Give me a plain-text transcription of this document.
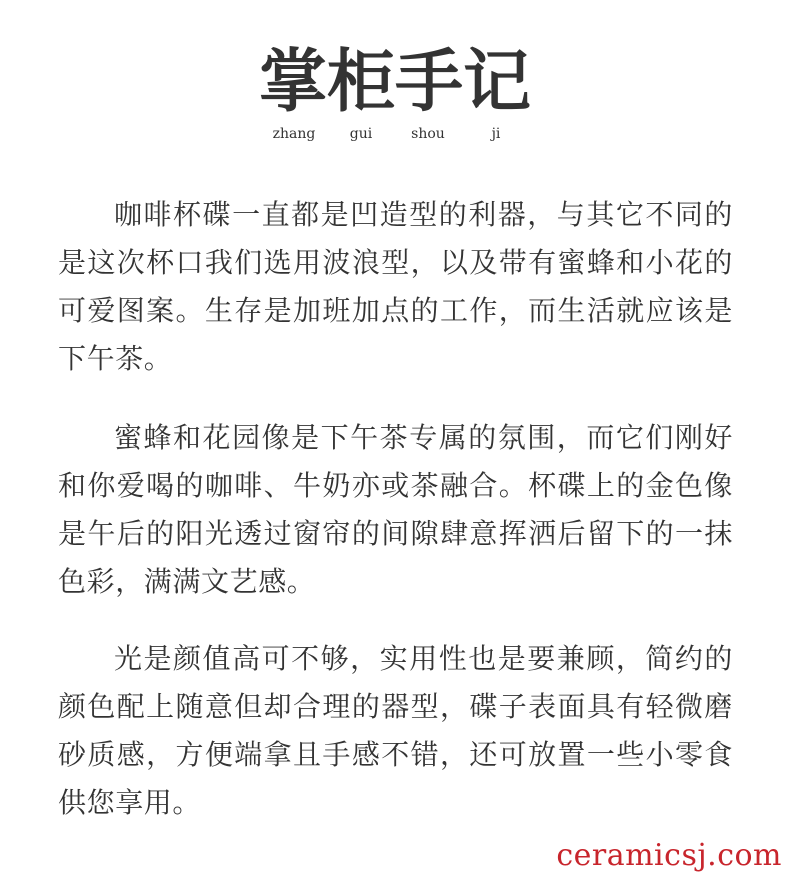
掌柜手记
zhang gui	shou	ji

咖啡杯碟一直都是凹造型的利器，与其它不同的是这次杯口我们选用波浪型，以及带有蜜蜂和小花的可爱图案。生存是加班加点的工作，而生活就应该是下午茶。

蜜蜂和花园像是下午茶专属的氛围，而它们刚好和你爱喝的咖啡、牛奶亦或茶融合。杯碟上的金色像是午后的阳光透过窗帘的间隙肆意挥洒后留下的一抹色彩，满满文艺感。

光是颜值高可不够，实用性也是要兼顾，简约的颜色配上随意但却合理的器型，碟子表面具有轻微磨砂质感，方便端拿且手感不错，还可放置一些小零食供您享用。

ceramicsj.com
